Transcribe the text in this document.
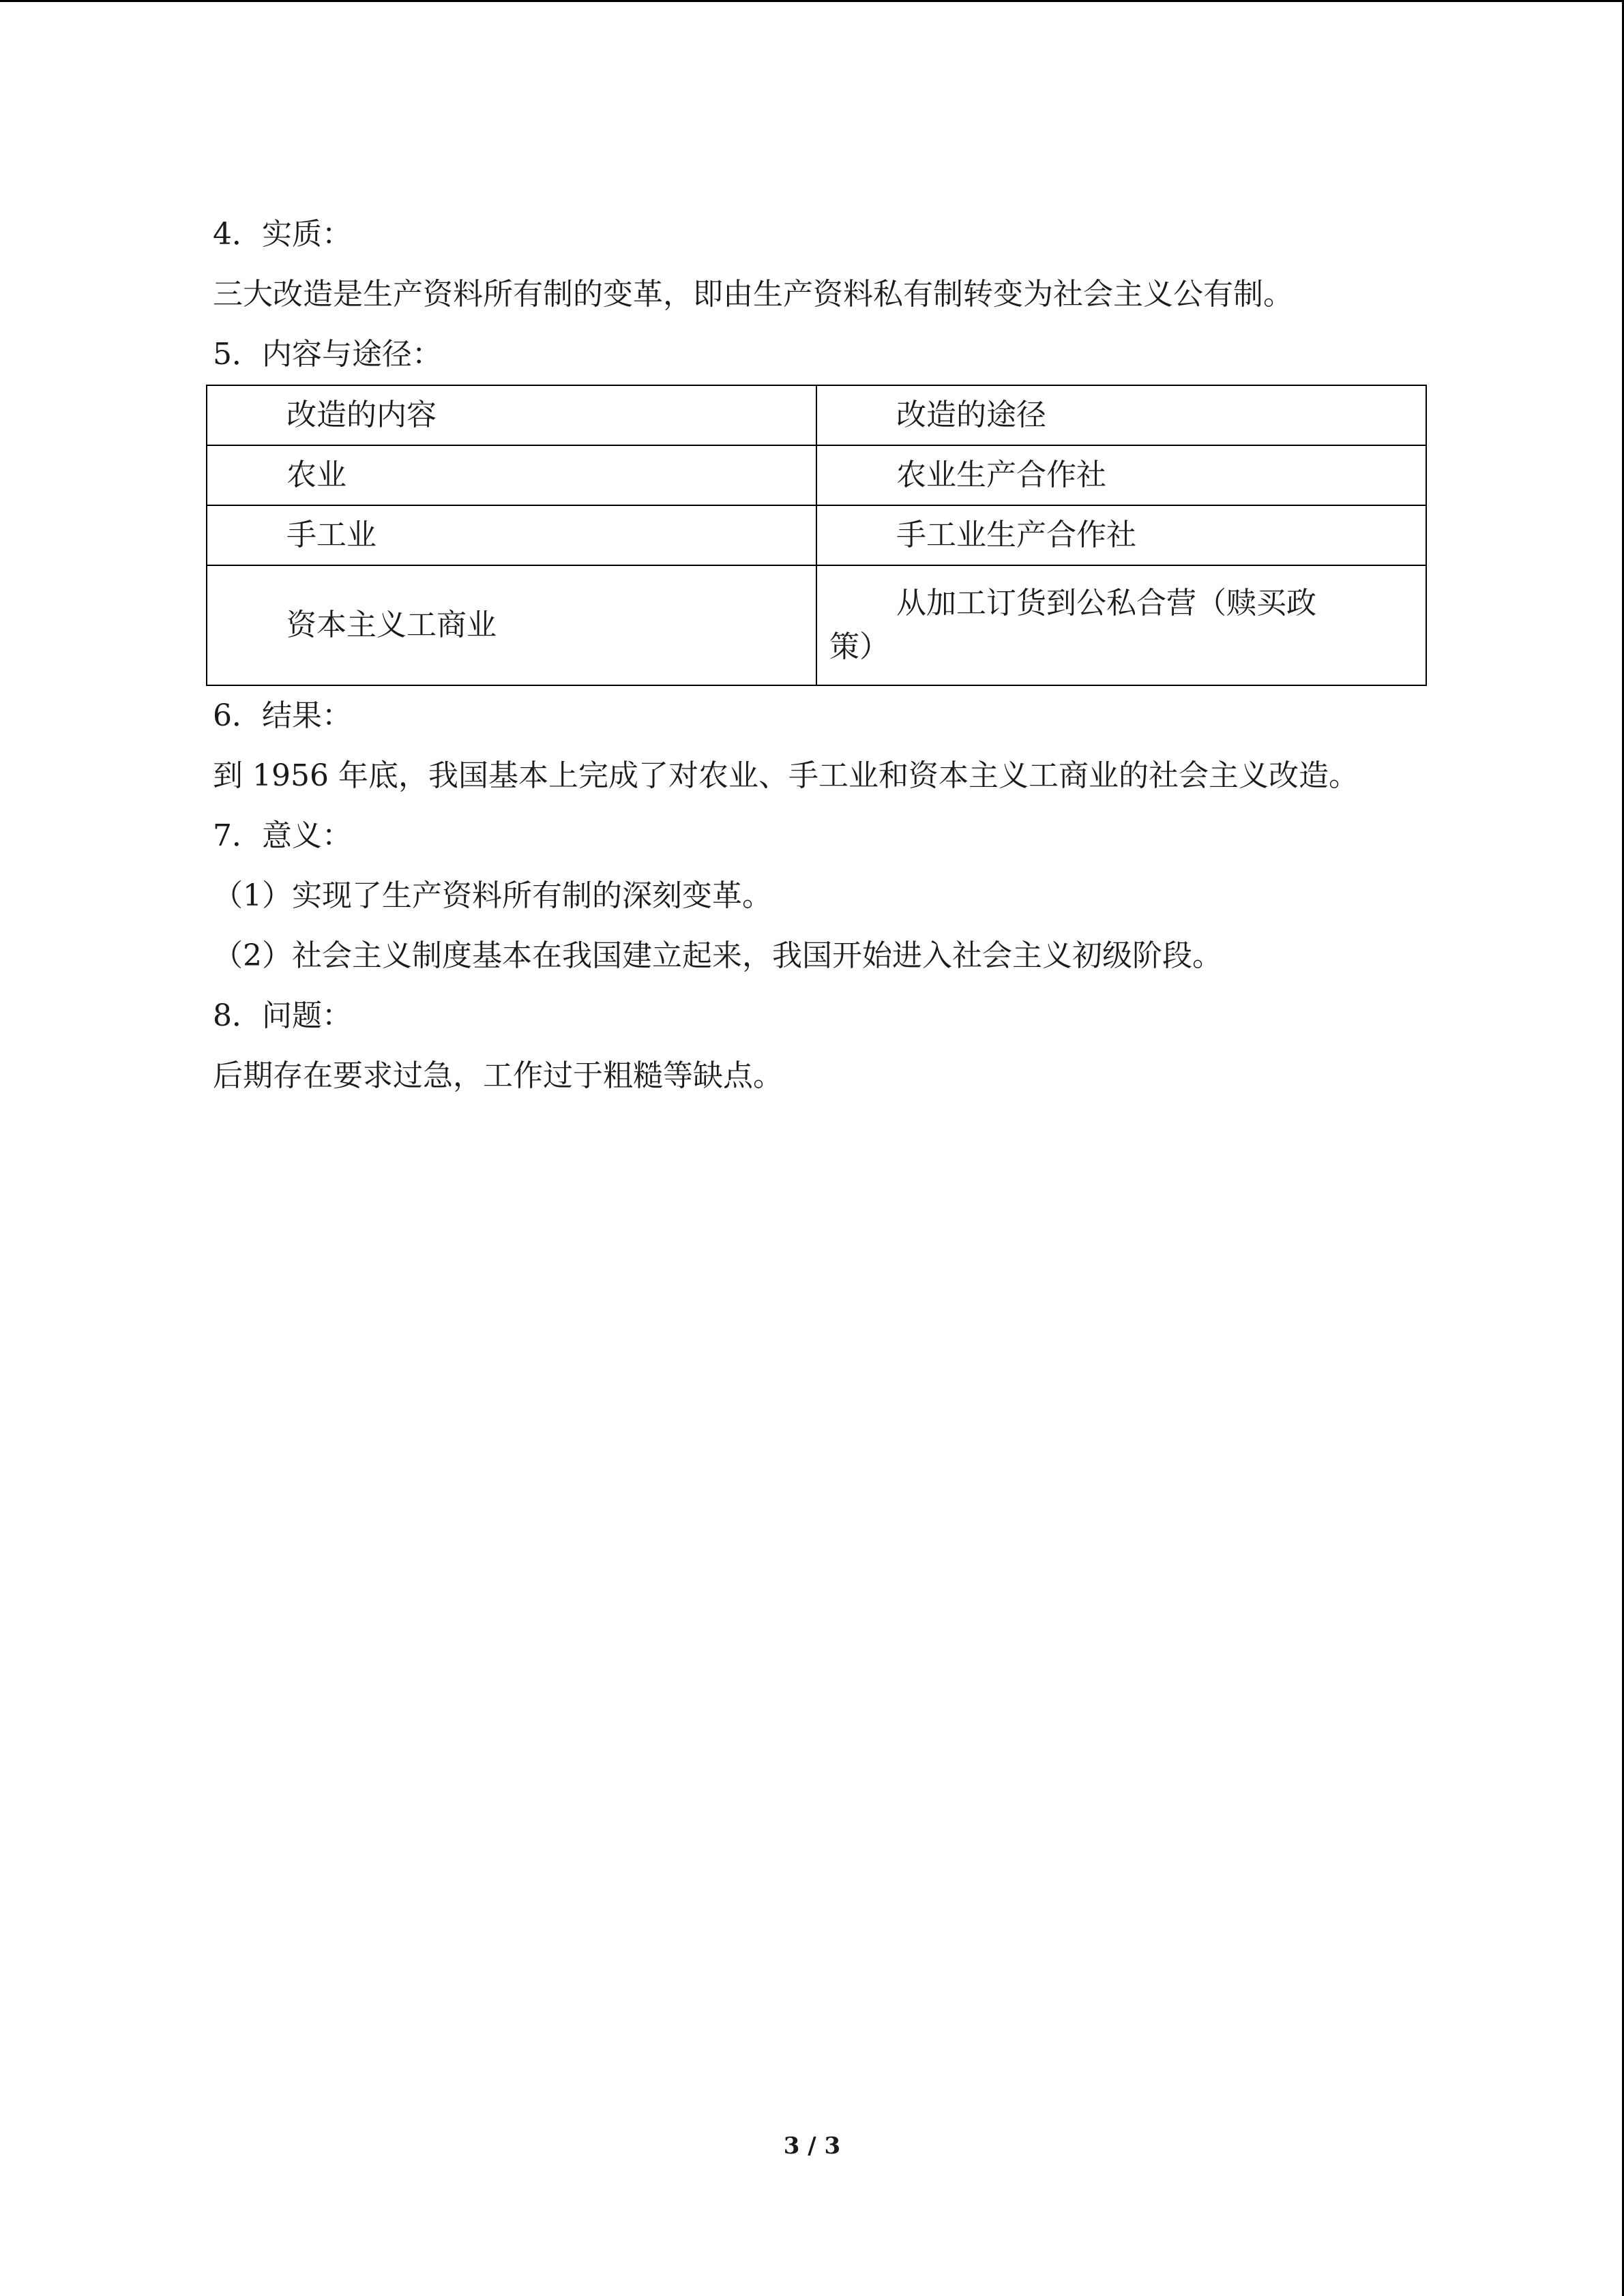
4．实质：
三大改造是生产资料所有制的变革，即由生产资料私有制转变为社会主义公有制。
5．内容与途径：
改造的内容	改造的途径
农业	农业生产合作社
手工业	手工业生产合作社
资本主义工商业	从加工订货到公私合营（赎买政
策）
6．结果：
到 1956 年底，我国基本上完成了对农业、手工业和资本主义工商业的社会主义改造。
7．意义：
（1）实现了生产资料所有制的深刻变革。
（2）社会主义制度基本在我国建立起来，我国开始进入社会主义初级阶段。
8．问题：
后期存在要求过急，工作过于粗糙等缺点。
3 / 3
